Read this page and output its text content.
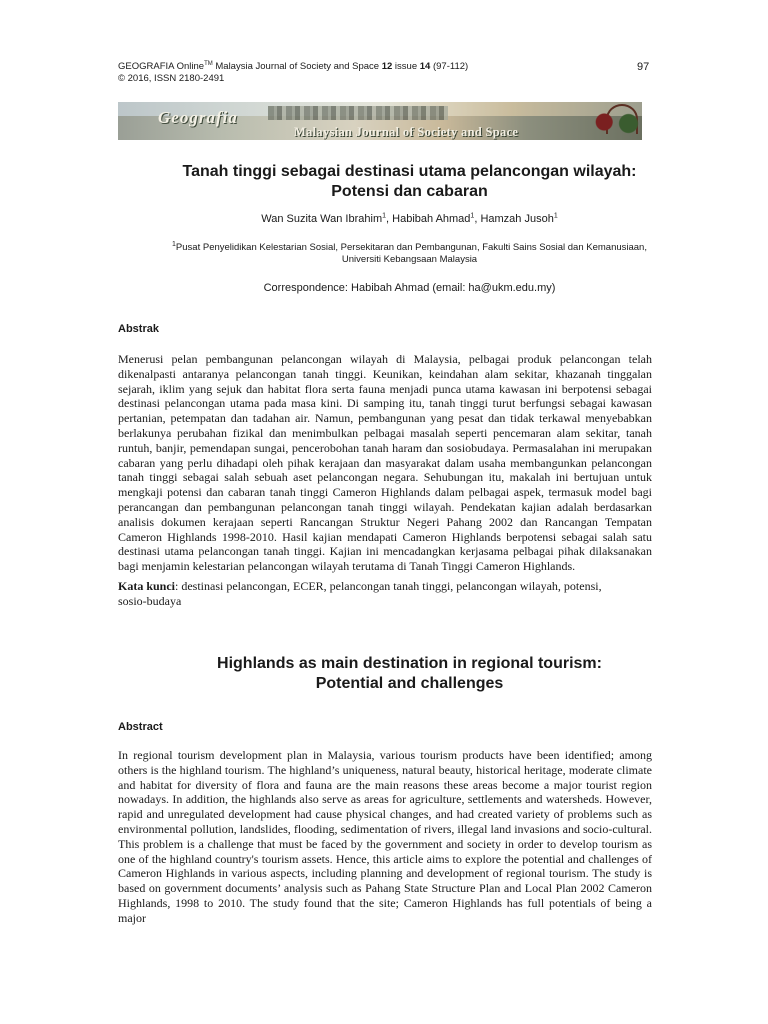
GEOGRAFIA Online™ Malaysia Journal of Society and Space 12 issue 14 (97-112)
© 2016, ISSN 2180-2491
97
Geografia
Malaysian Journal of Society and Space
Tanah tinggi sebagai destinasi utama pelancongan wilayah:
Potensi dan cabaran
Wan Suzita Wan Ibrahim$^1$, Habibah Ahmad$^1$, Hamzah Jusoh$^1$
$^1$Pusat Penyelidikan Kelestarian Sosial, Persekitaran dan Pembangunan, Fakulti Sains Sosial dan Kemanusiaan,
Universiti Kebangsaan Malaysia
Correspondence: Habibah Ahmad (email: ha@ukm.edu.my)
Abstrak
Menerusi pelan pembangunan pelancongan wilayah di Malaysia, pelbagai produk pelancongan telah dikenalpasti antaranya pelancongan tanah tinggi. Keunikan, keindahan alam sekitar, khazanah tinggalan sejarah, iklim yang sejuk dan habitat flora serta fauna menjadi punca utama kawasan ini berpotensi sebagai destinasi pelancongan utama pada masa kini. Di samping itu, tanah tinggi turut berfungsi sebagai kawasan pertanian, petempatan dan tadahan air. Namun, pembangunan yang pesat dan tidak terkawal menyebabkan berlakunya perubahan fizikal dan menimbulkan pelbagai masalah seperti pencemaran alam sekitar, tanah runtuh, banjir, pemendapan sungai, pencerobohan tanah haram dan sosiobudaya. Permasalahan ini merupakan cabaran yang perlu dihadapi oleh pihak kerajaan dan masyarakat dalam usaha membangunkan pelancongan tanah tinggi sebagai salah sebuah aset pelancongan negara. Sehubungan itu, makalah ini bertujuan untuk mengkaji potensi dan cabaran tanah tinggi Cameron Highlands dalam pelbagai aspek, termasuk model bagi perancangan dan pembangunan pelancongan tanah tinggi wilayah. Pendekatan kajian adalah berdasarkan analisis dokumen kerajaan seperti Rancangan Struktur Negeri Pahang 2002 dan Rancangan Tempatan Cameron Highlands 1998-2010. Hasil kajian mendapati Cameron Highlands berpotensi sebagai salah satu destinasi utama pelancongan tanah tinggi. Kajian ini mencadangkan kerjasama pelbagai pihak dilaksanakan bagi menjamin kelestarian pelancongan wilayah terutama di Tanah Tinggi Cameron Highlands.
Kata kunci: destinasi pelancongan, ECER, pelancongan tanah tinggi, pelancongan wilayah, potensi,
sosio-budaya
Highlands as main destination in regional tourism:
Potential and challenges
Abstract
In regional tourism development plan in Malaysia, various tourism products have been identified; among others is the highland tourism. The highland’s uniqueness, natural beauty, historical heritage, moderate climate and habitat for diversity of flora and fauna are the main reasons these areas become a major tourist region nowadays. In addition, the highlands also serve as areas for agriculture, settlements and watersheds. However, rapid and unregulated development had cause physical changes, and had created variety of problems such as environmental pollution, landslides, flooding, sedimentation of rivers, illegal land invasions and socio-cultural. This problem is a challenge that must be faced by the government and society in order to develop tourism as one of the highland country's tourism assets. Hence, this article aims to explore the potential and challenges of Cameron Highlands in various aspects, including planning and development of regional tourism. The study is based on government documents’ analysis such as Pahang State Structure Plan and Local Plan 2002 Cameron Highlands, 1998 to 2010. The study found that the site; Cameron Highlands has full potentials of being a major
